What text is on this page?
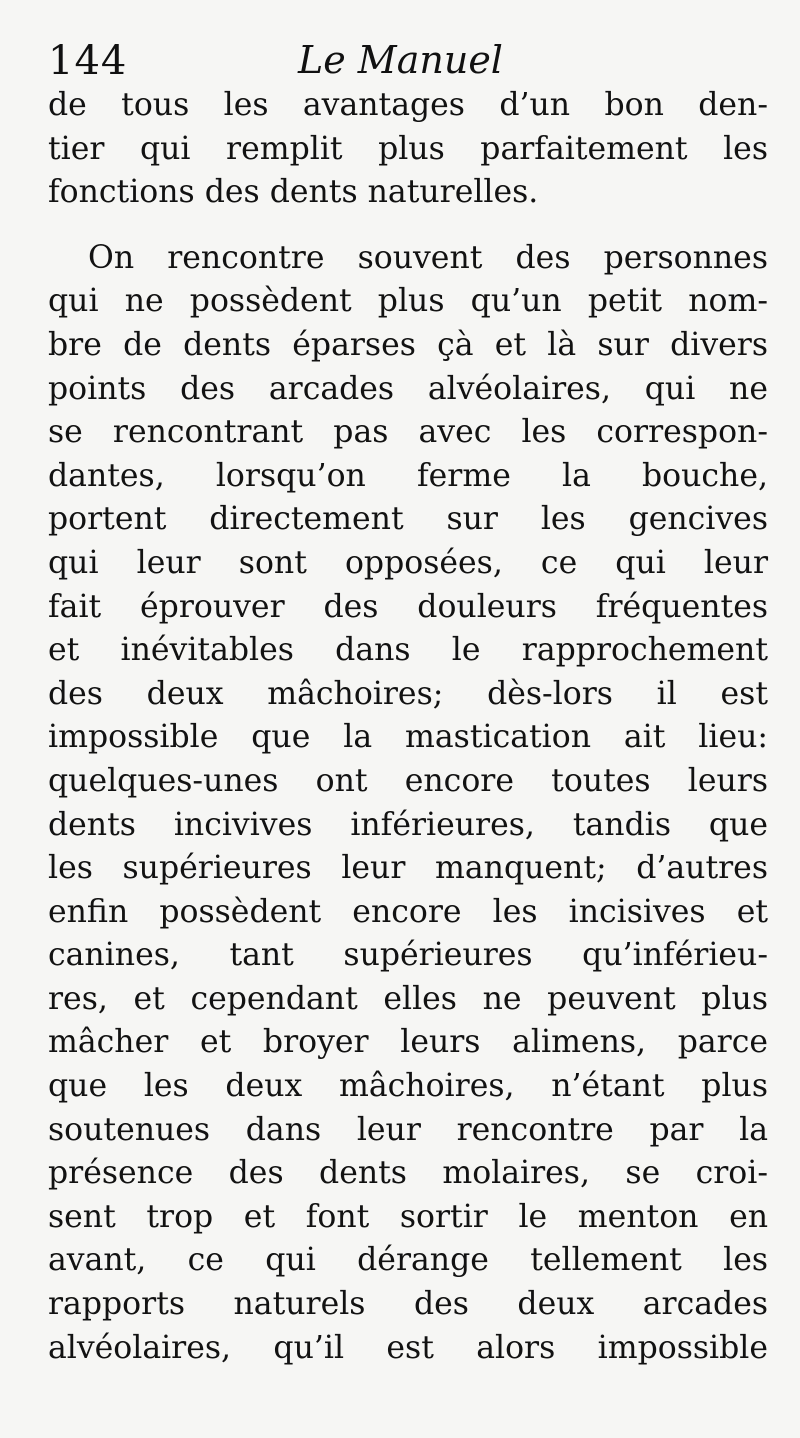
144	Le Manuel
de tous les avantages d’un bon den-
tier qui remplit plus parfaitement les
fonctions des dents naturelles.
On rencontre souvent des personnes
qui ne possèdent plus qu’un petit nom-
bre de dents éparses çà et là sur divers
points des arcades alvéolaires, qui ne
se rencontrant pas avec les correspon-
dantes, lorsqu’on ferme la bouche,
portent directement sur les gencives
qui leur sont opposées, ce qui leur
fait éprouver des douleurs fréquentes
et inévitables dans le rapprochement
des deux mâchoires; dès-lors il est
impossible que la mastication ait lieu:
quelques-unes ont encore toutes leurs
dents incivives inférieures, tandis que
les supérieures leur manquent; d’autres
enfin possèdent encore les incisives et
canines, tant supérieures qu’inférieu-
res, et cependant elles ne peuvent plus
mâcher et broyer leurs alimens, parce
que les deux mâchoires, n’étant plus
soutenues dans leur rencontre par la
présence des dents molaires, se croi-
sent trop et font sortir le menton en
avant, ce qui dérange tellement les
rapports naturels des deux arcades
alvéolaires, qu’il est alors impossible
